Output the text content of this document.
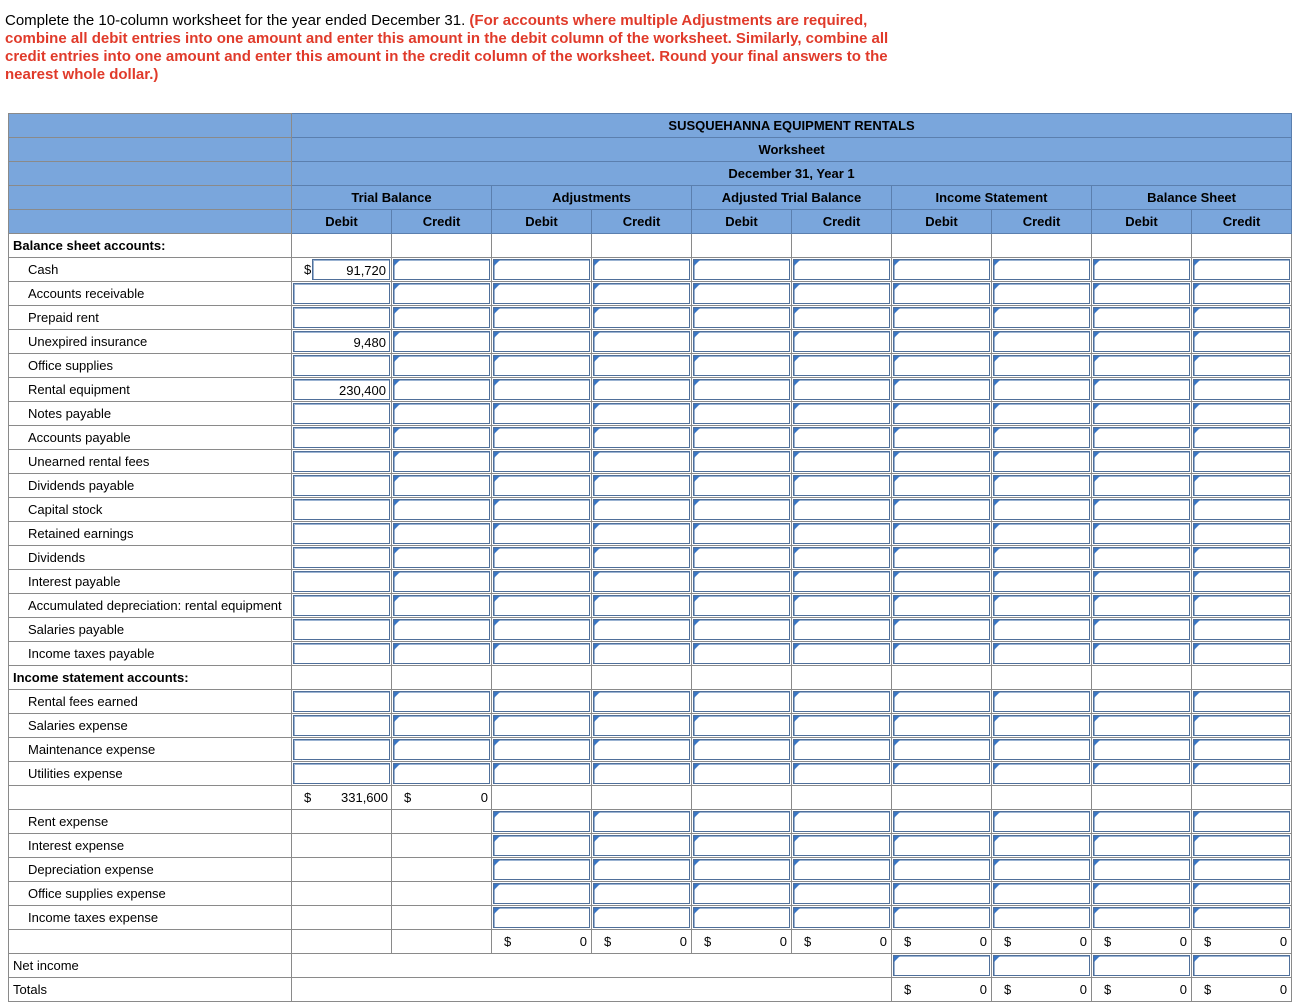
Complete the 10-column worksheet for the year ended December 31. (For accounts where multiple Adjustments are required, combine all debit entries into one amount and enter this amount in the debit column of the worksheet. Similarly, combine all credit entries into one amount and enter this amount in the credit column of the worksheet. Round your final answers to the nearest whole dollar.)
	SUSQUEHANNA EQUIPMENT RENTALS									
	Worksheet									
	December 31, Year 1									
	Trial Balance		Adjustments		Adjusted Trial Balance		Income Statement		Balance Sheet	
	Debit	Credit	Debit	Credit	Debit	Credit	Debit	Credit	Debit	Credit
Balance sheet accounts:										
Cash	$ 91,720									

Accounts receivable	

Prepaid rent	

Unexpired insurance	9,480									

Office supplies	

Rental equipment	230,400									

Notes payable	

Accounts payable	

Unearned rental fees	

Dividends payable	

Capital stock	

Retained earnings	

Dividends	

Interest payable	

Accumulated depreciation: rental equipment	

Salaries payable	

Income taxes payable	

Income statement accounts:										
Rental fees earned	

Salaries expense	

Maintenance expense	

Utilities expense	

	$ 331,600	$ 0								

Rent expense			

Interest expense			

Depreciation expense			

Office supplies expense			

Income taxes expense			

			$ 0	$ 0	$ 0	$ 0	$ 0	$ 0	$ 0	$ 0

Net income							

Totals							$ 0	$ 0	$ 0	$ 0
